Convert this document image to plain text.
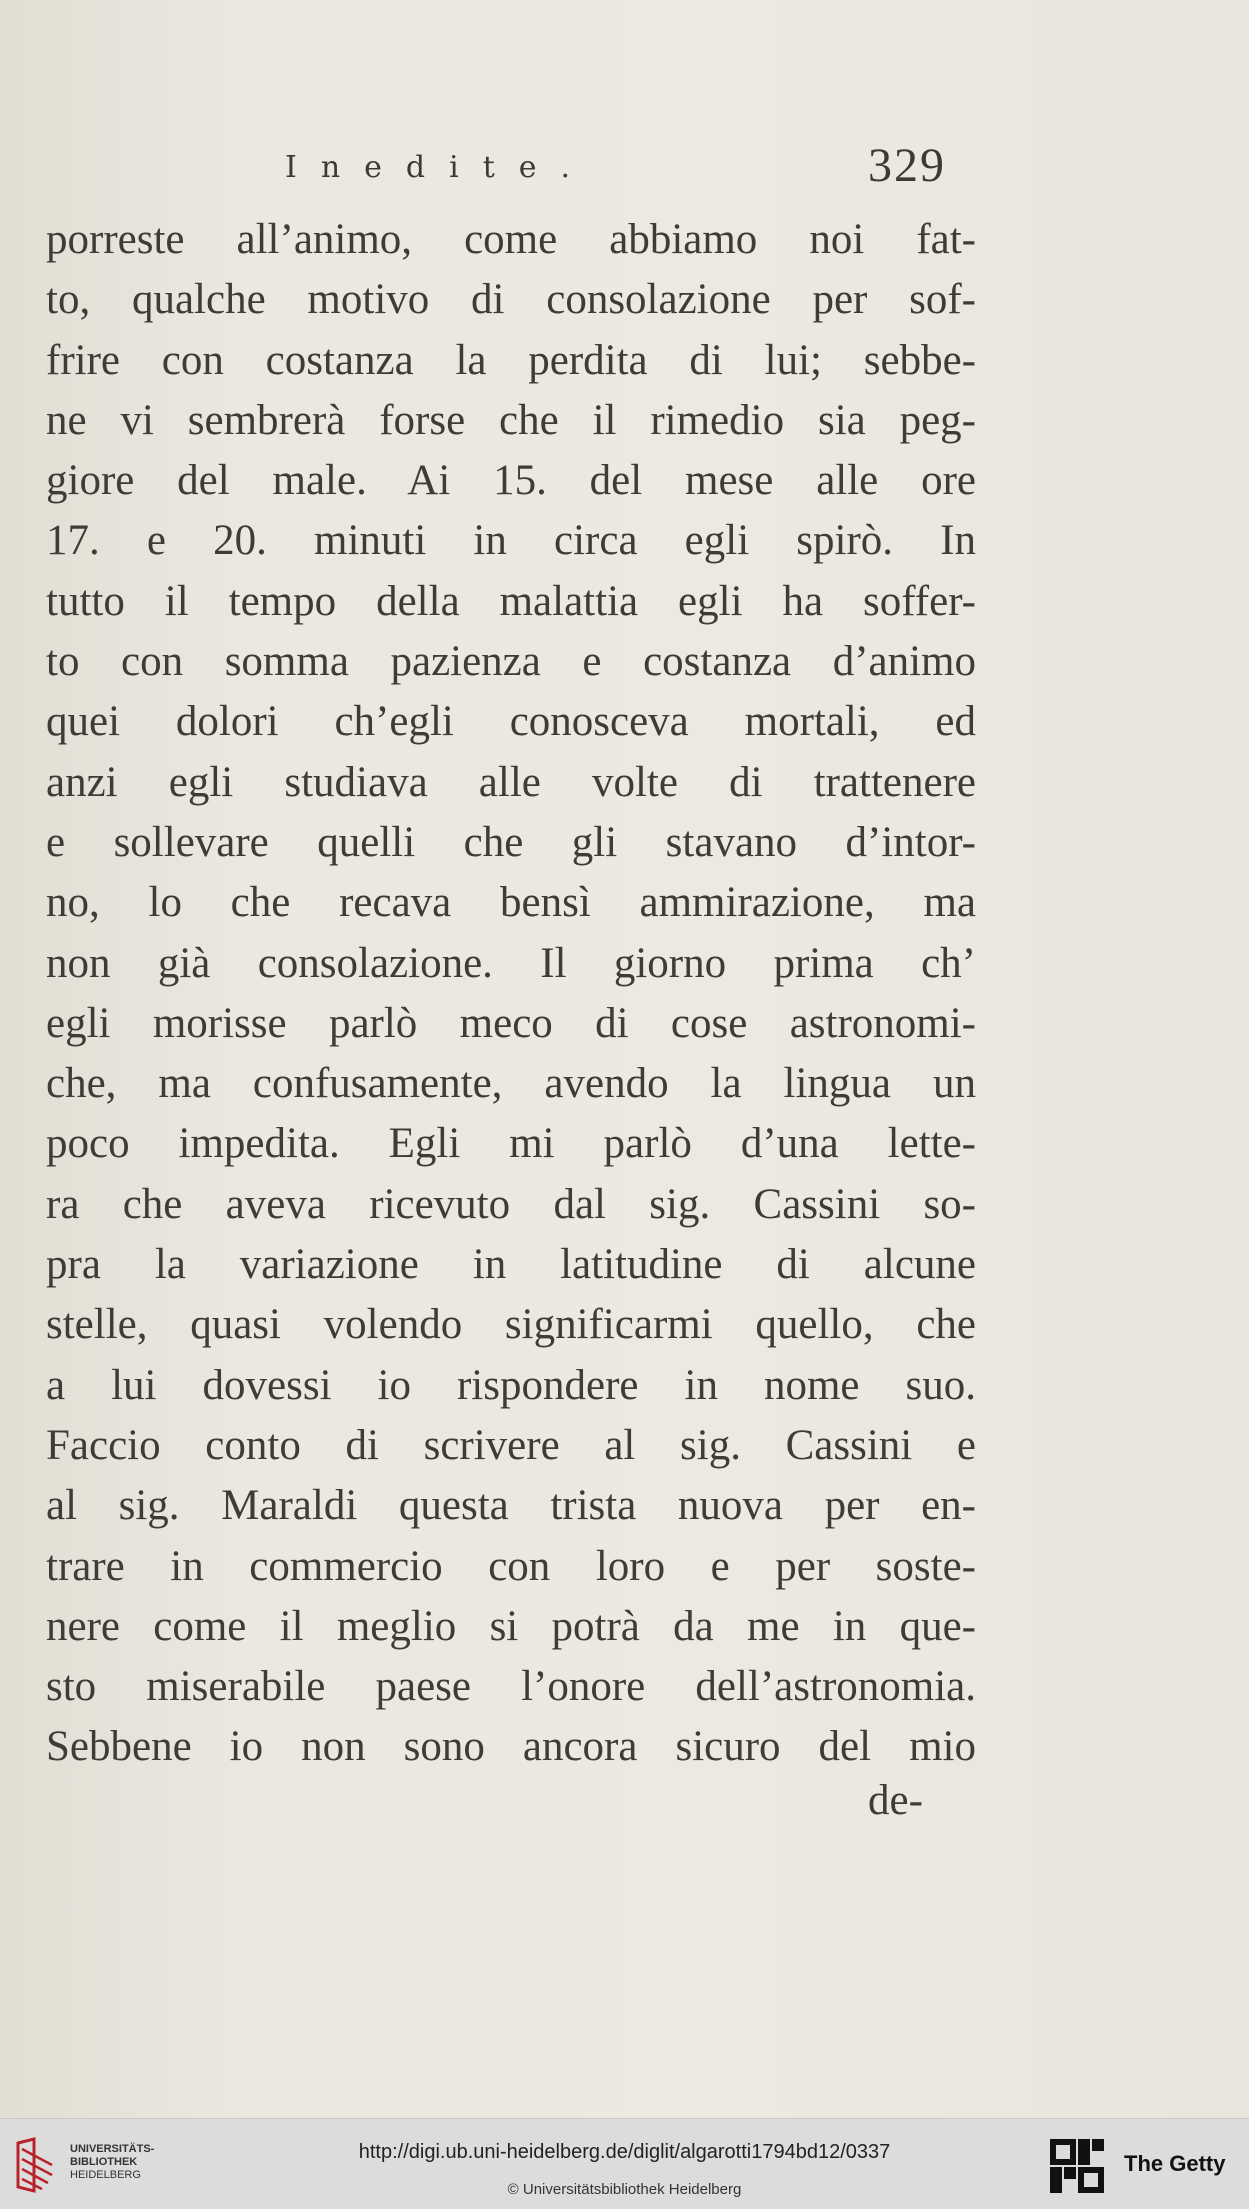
Inedite.	329
porreste all’animo, come abbiamo noi fat-
to, qualche motivo di consolazione per sof-
frire con costanza la perdita di lui; sebbe-
ne vi sembrerà forse che il rimedio sia peg-
giore del male. Ai 15. del mese alle ore
17. e 20. minuti in circa egli spirò. In
tutto il tempo della malattia egli ha soffer-
to con somma pazienza e costanza d’animo
quei dolori ch’egli conosceva mortali, ed
anzi egli studiava alle volte di trattenere
e sollevare quelli che gli stavano d’intor-
no, lo che recava bensì ammirazione, ma
non già consolazione. Il giorno prima ch’
egli morisse parlò meco di cose astronomi-
che, ma confusamente, avendo la lingua un
poco impedita. Egli mi parlò d’una lette-
ra che aveva ricevuto dal sig. Cassini so-
pra la variazione in latitudine di alcune
stelle, quasi volendo significarmi quello, che
a lui dovessi io rispondere in nome suo.
Faccio conto di scrivere al sig. Cassini e
al sig. Maraldi questa trista nuova per en-
trare in commercio con loro e per soste-
nere come il meglio si potrà da me in que-
sto miserabile paese l’onore dell’astronomia.
Sebbene io non sono ancora sicuro del mio
de-
UNIVERSITÄTS-
BIBLIOTHEK
HEIDELBERG
http://digi.ub.uni-heidelberg.de/diglit/algarotti1794bd12/0337
© Universitätsbibliothek Heidelberg
The Getty
